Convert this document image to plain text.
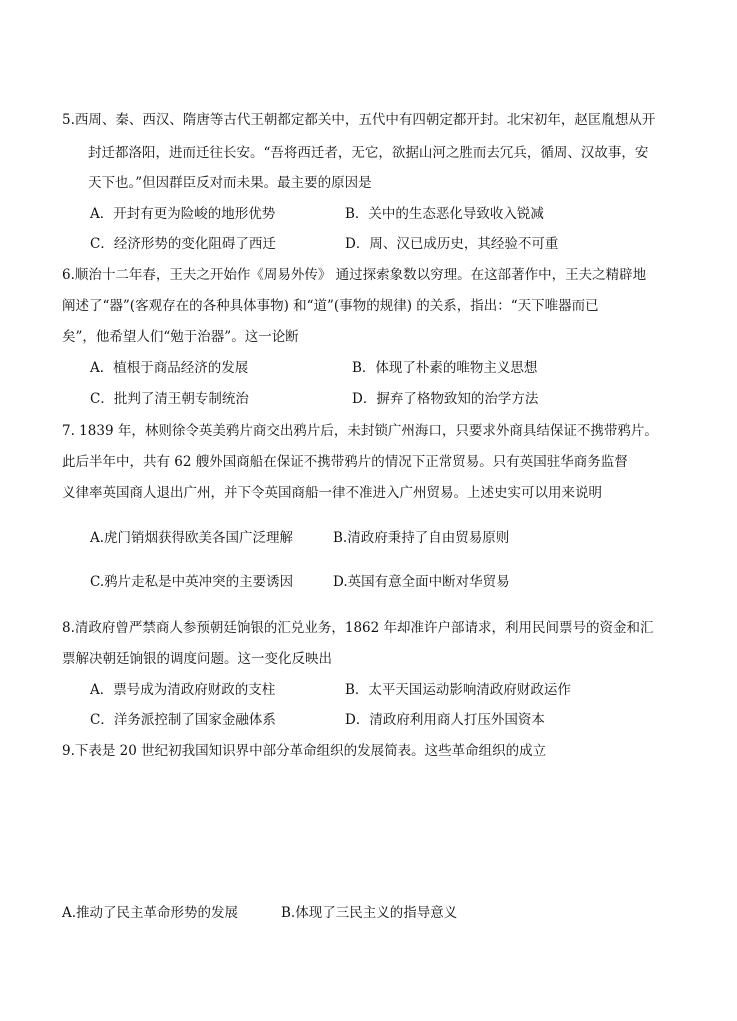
5.西周、秦、西汉、隋唐等古代王朝都定都关中，五代中有四朝定都开封。北宋初年，赵匡胤想从开
封迁都洛阳，进而迁往长安。“吾将西迁者，无它，欲据山河之胜而去冗兵，循周、汉故事，安
天下也。”但因群臣反对而未果。最主要的原因是
A．开封有更为险峻的地形优势	B．关中的生态恶化导致收入锐减
C．经济形势的变化阻碍了西迁	D．周、汉已成历史，其经验不可重
6.顺治十二年春，王夫之开始作《周易外传》 通过探索象数以穷理。在这部著作中，王夫之精辟地
阐述了“器”(客观存在的各种具体事物) 和“道”(事物的规律) 的关系，指出：“天下唯器而已
矣”，他希望人们“勉于治器”。这一论断
A．植根于商品经济的发展	B．体现了朴素的唯物主义思想
C．批判了清王朝专制统治	D．摒弃了格物致知的治学方法
7. 1839 年，林则徐令英美鸦片商交出鸦片后，未封锁广州海口，只要求外商具结保证不携带鸦片。
此后半年中，共有 62 艘外国商船在保证不携带鸦片的情况下正常贸易。只有英国驻华商务监督
义律率英国商人退出广州，并下令英国商船一律不准进入广州贸易。上述史实可以用来说明
A.虎门销烟获得欧美各国广泛理解	B.清政府秉持了自由贸易原则
C.鸦片走私是中英冲突的主要诱因	D.英国有意全面中断对华贸易
8.清政府曾严禁商人参预朝廷饷银的汇兑业务，1862 年却准许户部请求，利用民间票号的资金和汇
票解决朝廷饷银的调度问题。这一变化反映出
A．票号成为清政府财政的支柱	B．太平天国运动影响清政府财政运作
C．洋务派控制了国家金融体系	D．清政府利用商人打压外国资本
9.下表是 20 世纪初我国知识界中部分革命组织的发展简表。这些革命组织的成立
A.推动了民主革命形势的发展	B.体现了三民主义的指导意义
